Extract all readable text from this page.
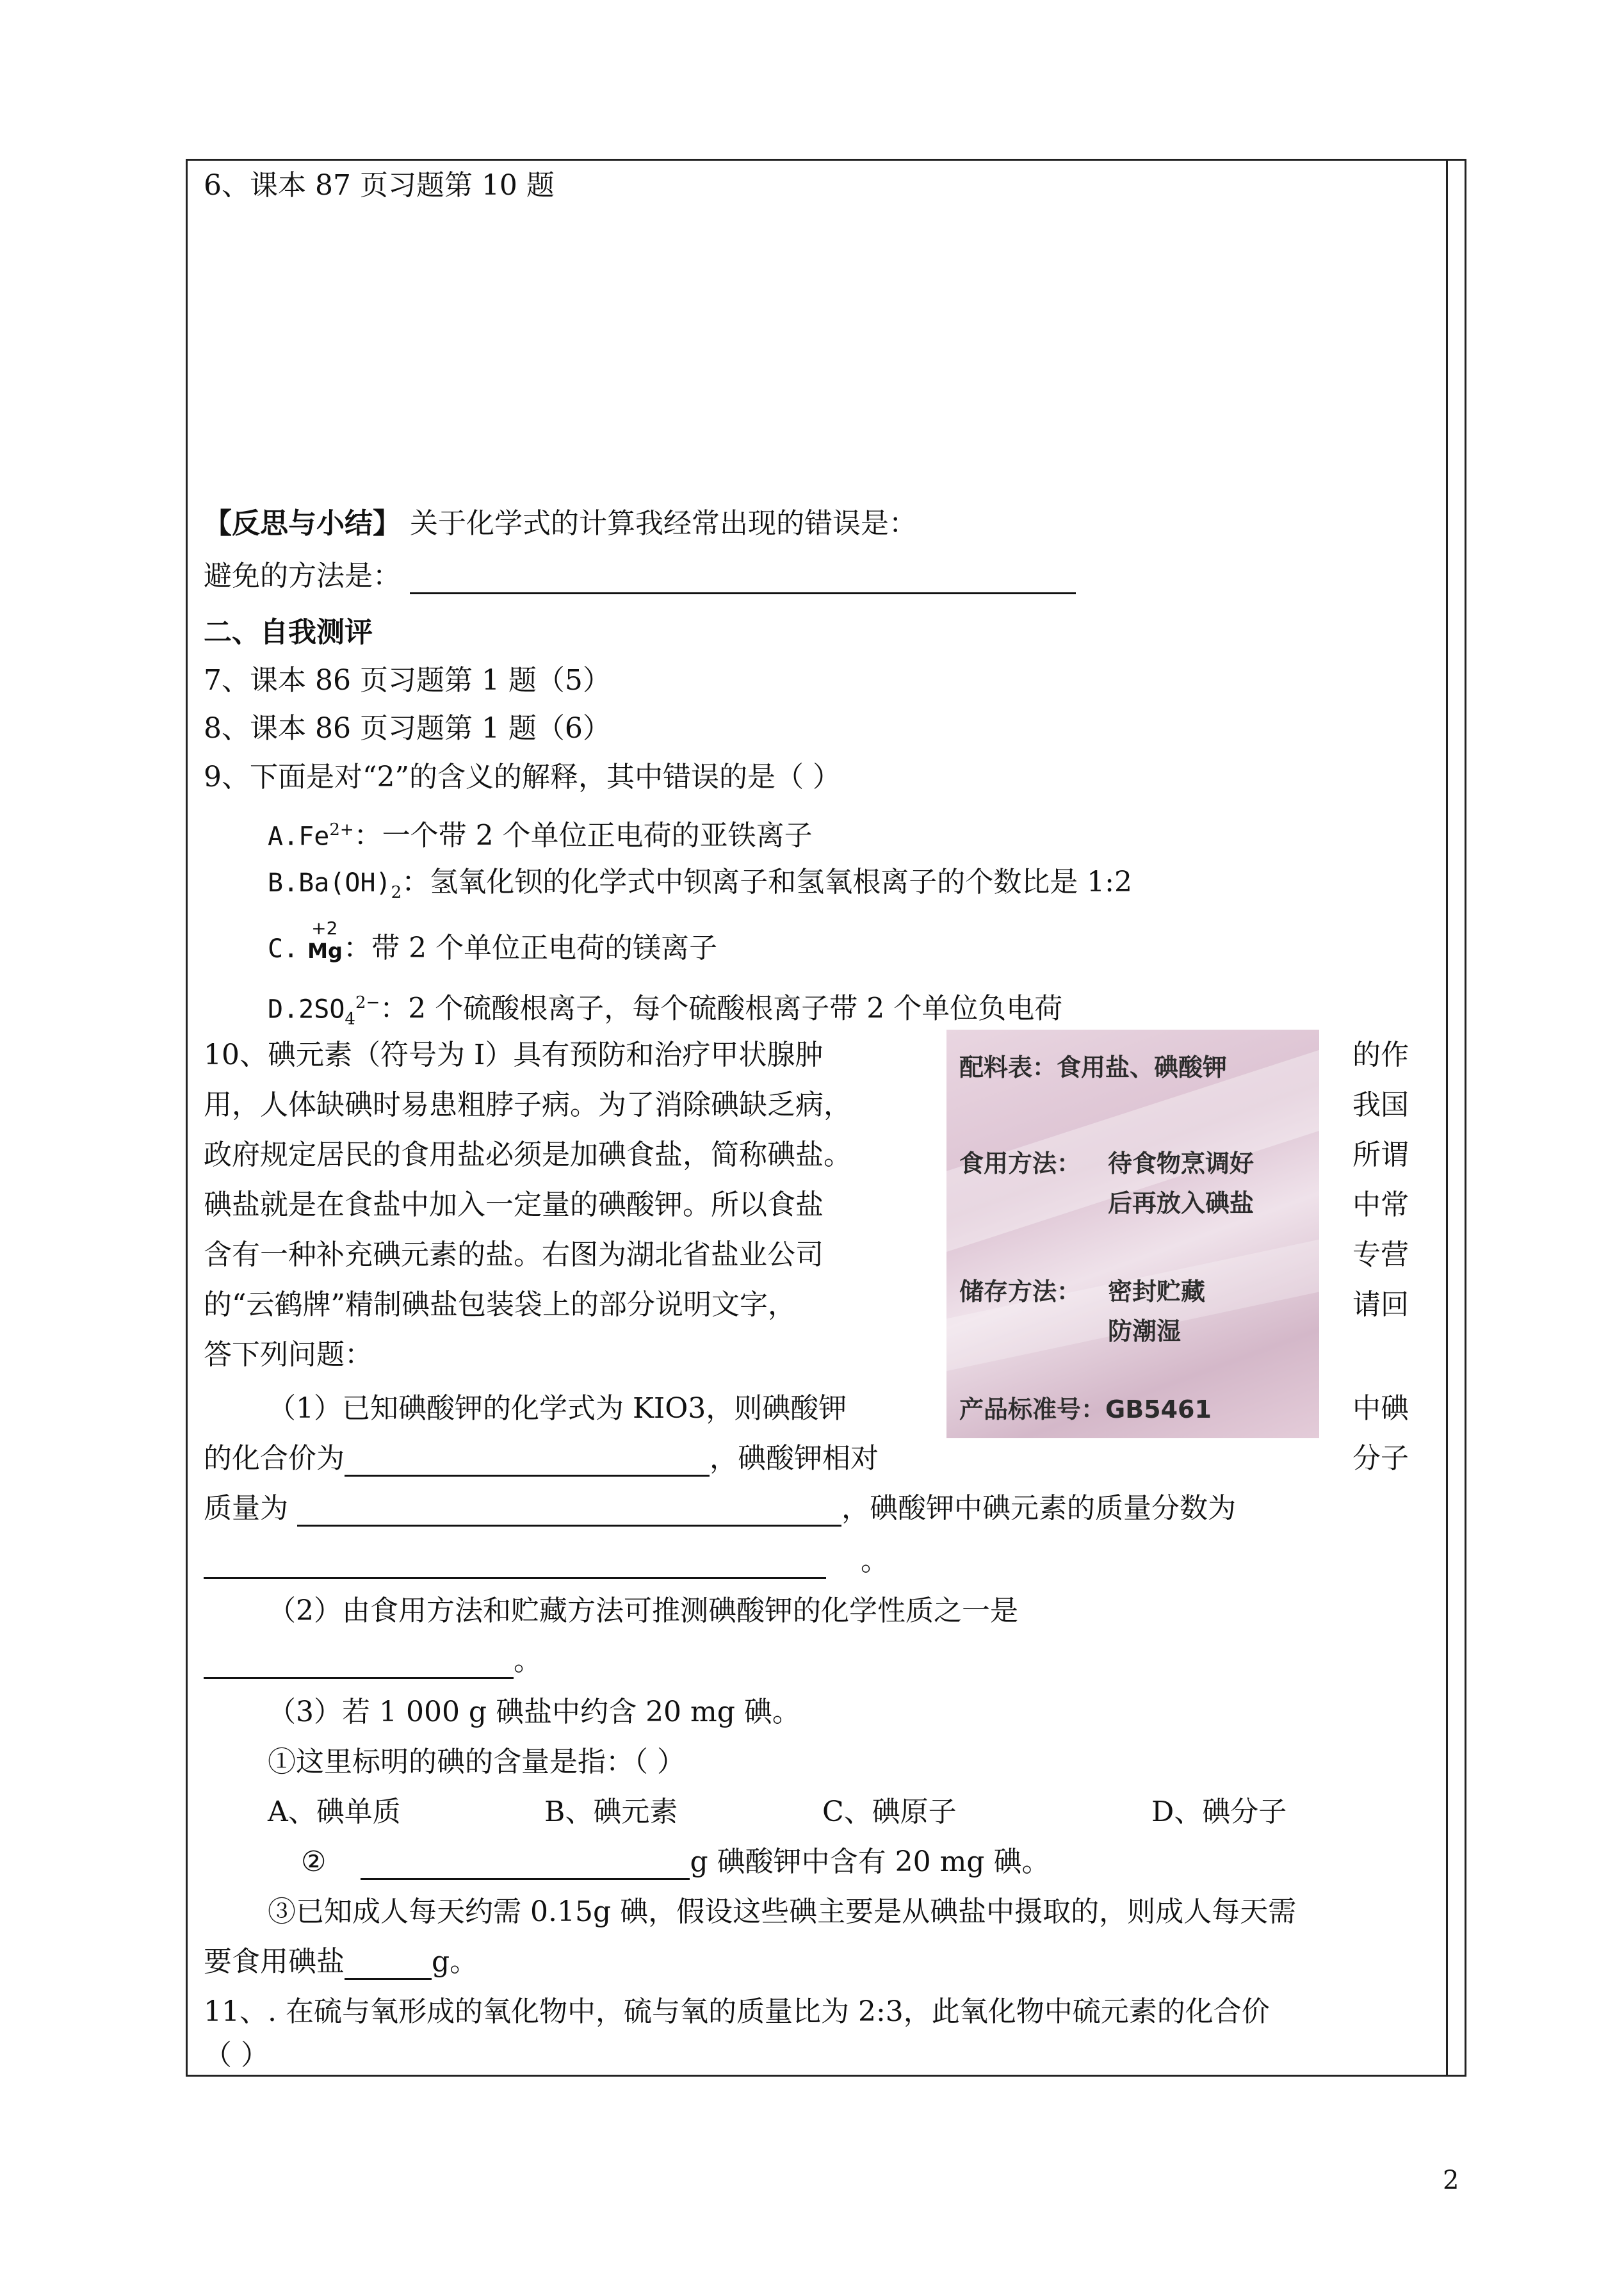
6、课本 87 页习题第 10 题
【反思与小结】 关于化学式的计算我经常出现的错误是：
避免的方法是：
二、自我测评
7、课本 86 页习题第 1 题（5）
8、课本 86 页习题第 1 题（6）
9、下面是对“2”的含义的解释，其中错误的是（ ）
$A.Fe^{2+}$：一个带 2 个单位正电荷的亚铁离子
$B.Ba(OH)_2$：氢氧化钡的化学式中钡离子和氢氧根离子的个数比是 1:2
C.
+2
Mg ：带 2 个单位正电荷的镁离子
$D.2SO_4^{2-}$：2 个硫酸根离子，每个硫酸根离子带 2 个单位负电荷
10、碘元素（符号为 I）具有预防和治疗甲状腺肿
用，人体缺碘时易患粗脖子病。为了消除碘缺乏病，
政府规定居民的食用盐必须是加碘食盐，简称碘盐。
碘盐就是在食盐中加入一定量的碘酸钾。所以食盐
含有一种补充碘元素的盐。右图为湖北省盐业公司
的“云鹤牌”精制碘盐包装袋上的部分说明文字，
答下列问题：
的作
我国
所谓
中常
专营
请回
中碘
分子
配料表：食用盐、碘酸钾
食用方法： 待食物烹调好
后再放入碘盐
储存方法： 密封贮藏
防潮湿
产品标准号：GB5461
（1）已知碘酸钾的化学式为 KIO3，则碘酸钾
的化合价为	，碘酸钾相对
质量为	，碘酸钾中碘元素的质量分数为
。
（2）由食用方法和贮藏方法可推测碘酸钾的化学性质之一是
。
（3）若 1 000 g 碘盐中约含 20 mg 碘。
①这里标明的碘的含量是指：（ ）
A、碘单质	B、碘元素	C、碘原子	D、碘分子
②	g 碘酸钾中含有 20 mg 碘。
③已知成人每天约需 0.15g 碘，假设这些碘主要是从碘盐中摄取的，则成人每天需
要食用碘盐	g。
11、. 在硫与氧形成的氧化物中，硫与氧的质量比为 2:3，此氧化物中硫元素的化合价
（ ）
2
